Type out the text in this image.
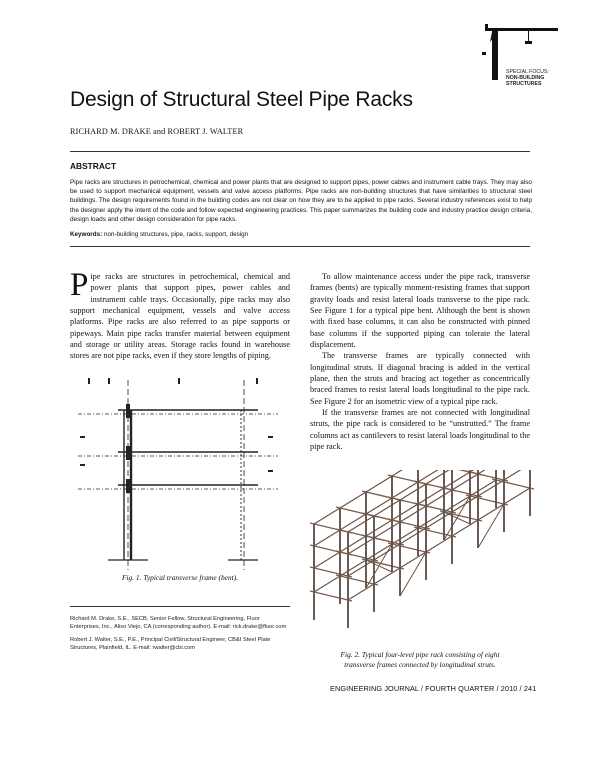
SPECIAL FOCUS:
NON-BUILDING
STRUCTURES
Design of Structural Steel Pipe Racks
RICHARD M. DRAKE and ROBERT J. WALTER
ABSTRACT
Pipe racks are structures in petrochemical, chemical and power plants that are designed to support pipes, power cables and instrument cable trays. They may also be used to support mechanical equipment, vessels and valve access platforms. Pipe racks are non-building structures that have similarities to structural steel buildings. The design requirements found in the building codes are not clear on how they are to be applied to pipe racks. Several industry references exist to help the designer apply the intent of the code and follow expected engineering practices. This paper summarizes the building code and industry practice design criteria, design loads and other design consideration for pipe racks.
Keywords: non-building structures, pipe, racks, support, design
Pipe racks are structures in petrochemical, chemical and power plants that support pipes, power cables and instrument cable trays. Occasionally, pipe racks may also support mechanical equipment, vessels and valve access platforms. Pipe racks are also referred to as pipe supports or pipeways. Main pipe racks transfer material between equipment and storage or utility areas. Storage racks found in warehouse stores are not pipe racks, even if they store lengths of piping.
Fig. 1. Typical transverse frame (bent).

Richard M. Drake, S.E., SECB, Senior Fellow, Structural Engineering, Fluor Enterprises, Inc., Aliso Viejo, CA (corresponding author). E-mail: rick.drake@fluor.com

Robert J. Walter, S.E., P.E., Principal Civil/Structural Engineer, CB&I Steel Plate Structures, Plainfield, IL. E-mail: rwalter@cbi.com

To allow maintenance access under the pipe rack, transverse frames (bents) are typically moment-resisting frames that support gravity loads and resist lateral loads transverse to the pipe rack. See Figure 1 for a typical pipe bent. Although the bent is shown with fixed base columns, it can also be constructed with pinned base columns if the supported piping can tolerate the lateral displacement.

The transverse frames are typically connected with longitudinal struts. If diagonal bracing is added in the vertical plane, then the struts and bracing act together as concentrically braced frames to resist lateral loads longitudinal to the pipe rack. See Figure 2 for an isometric view of a typical pipe rack.

If the transverse frames are not connected with longitudinal struts, the pipe rack is considered to be “unstrutted.” The frame columns act as cantilevers to resist lateral loads longitudinal to the pipe rack.

Fig. 2. Typical four-level pipe rack consisting of eight
transverse frames connected by longitudinal struts.
ENGINEERING JOURNAL / FOURTH QUARTER / 2010 / 241
